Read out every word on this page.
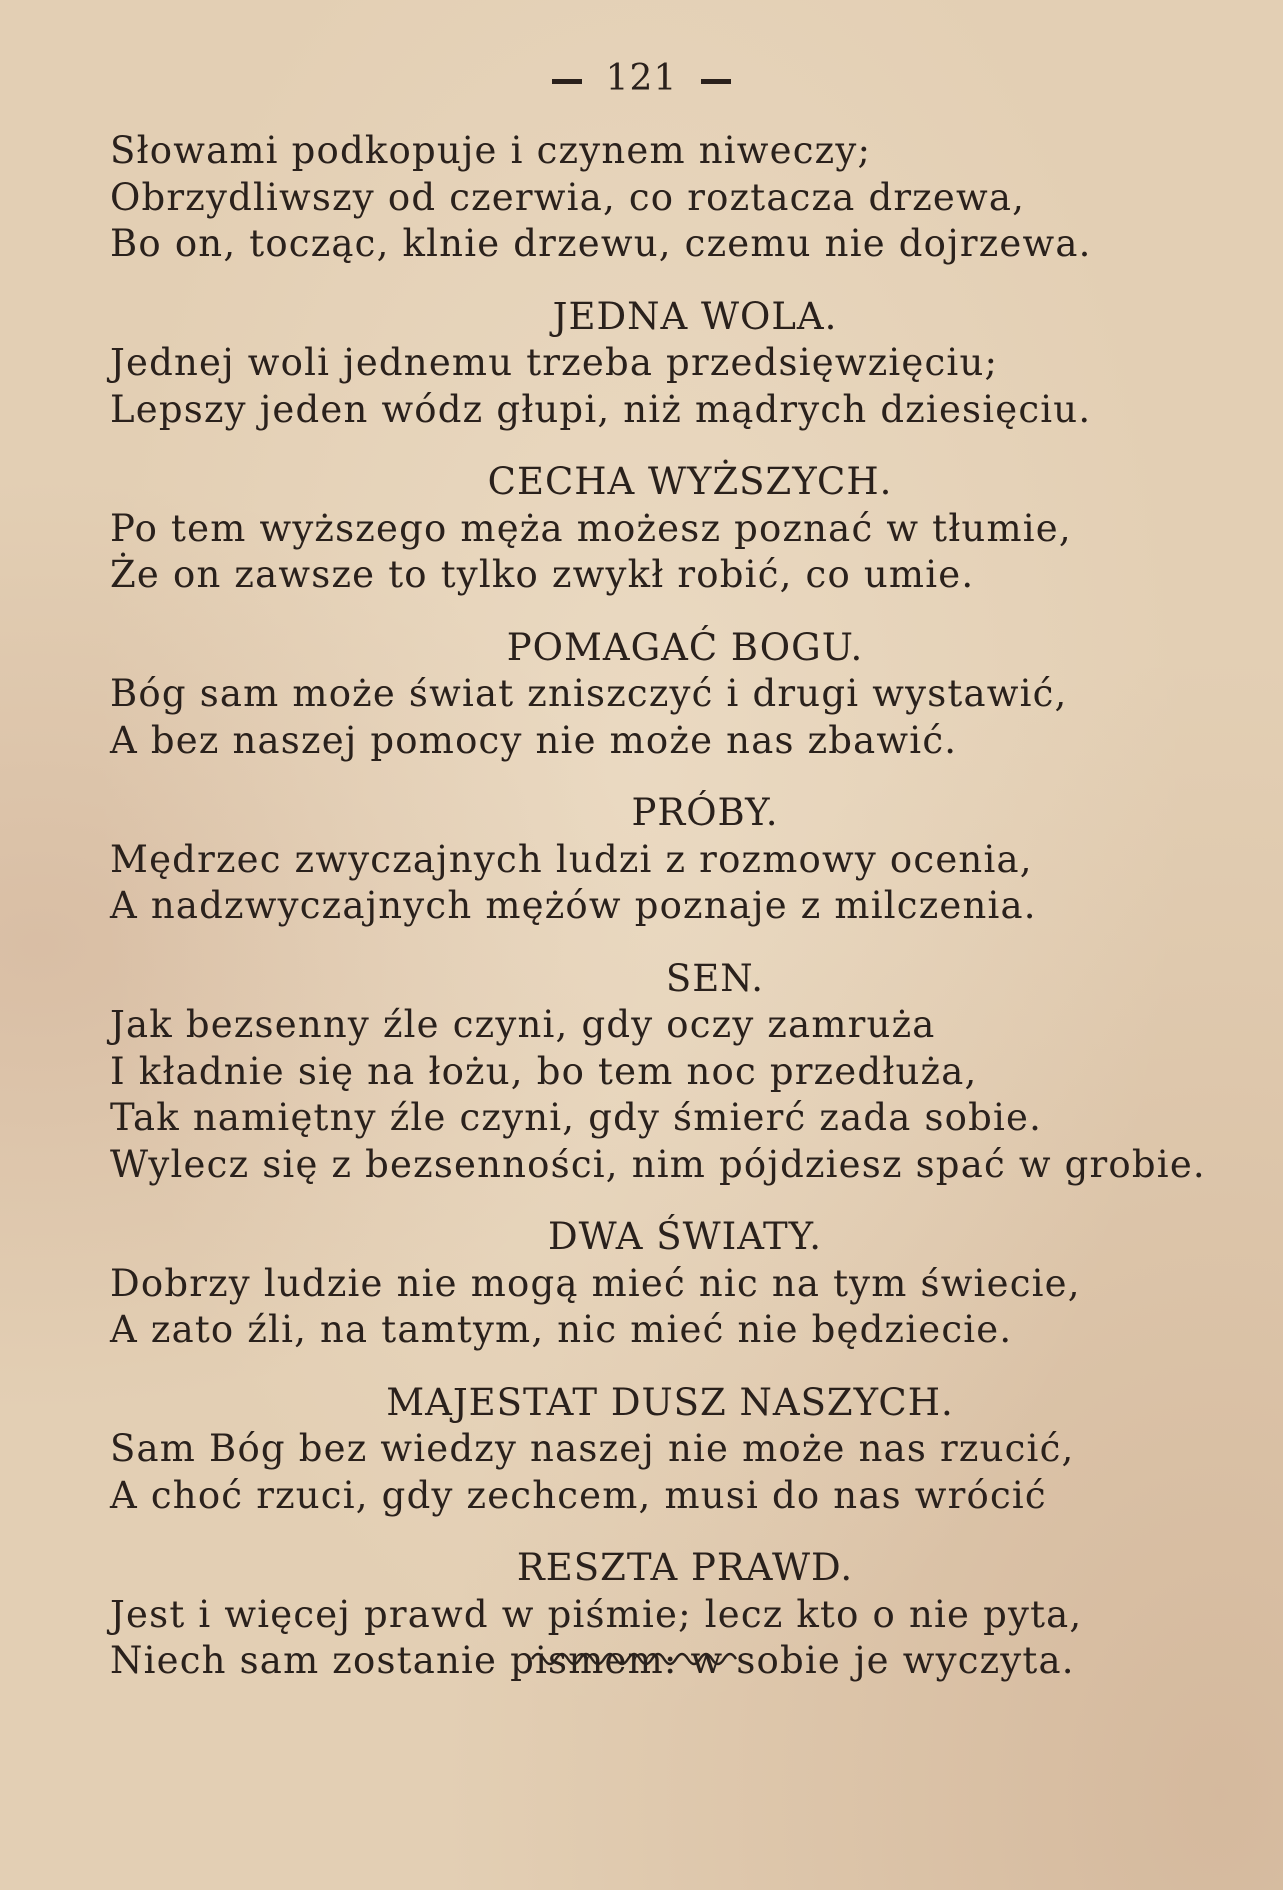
121
Słowami podkopuje i czynem niweczy;
Obrzydliwszy od czerwia, co roztacza drzewa,
Bo on, tocząc, klnie drzewu, czemu nie dojrzewa.
JEDNA WOLA.
Jednej woli jednemu trzeba przedsięwzięciu;
Lepszy jeden wódz głupi, niż mądrych dziesięciu.
CECHA WYŻSZYCH.
Po tem wyższego męża możesz poznać w tłumie,
Że on zawsze to tylko zwykł robić, co umie.
POMAGAĆ BOGU.
Bóg sam może świat zniszczyć i drugi wystawić,
A bez naszej pomocy nie może nas zbawić.
PRÓBY.
Mędrzec zwyczajnych ludzi z rozmowy ocenia,
A nadzwyczajnych mężów poznaje z milczenia.
SEN.
Jak bezsenny źle czyni, gdy oczy zamruża
I kładnie się na łożu, bo tem noc przedłuża,
Tak namiętny źle czyni, gdy śmierć zada sobie.
Wylecz się z bezsenności, nim pójdziesz spać w grobie.
DWA ŚWIATY.
Dobrzy ludzie nie mogą mieć nic na tym świecie,
A zato źli, na tamtym, nic mieć nie będziecie.
MAJESTAT DUSZ NASZYCH.
Sam Bóg bez wiedzy naszej nie może nas rzucić,
A choć rzuci, gdy zechcem, musi do nas wrócić
RESZTA PRAWD.
Jest i więcej prawd w piśmie; lecz kto o nie pyta,
Niech sam zostanie pismem: w sobie je wyczyta.
